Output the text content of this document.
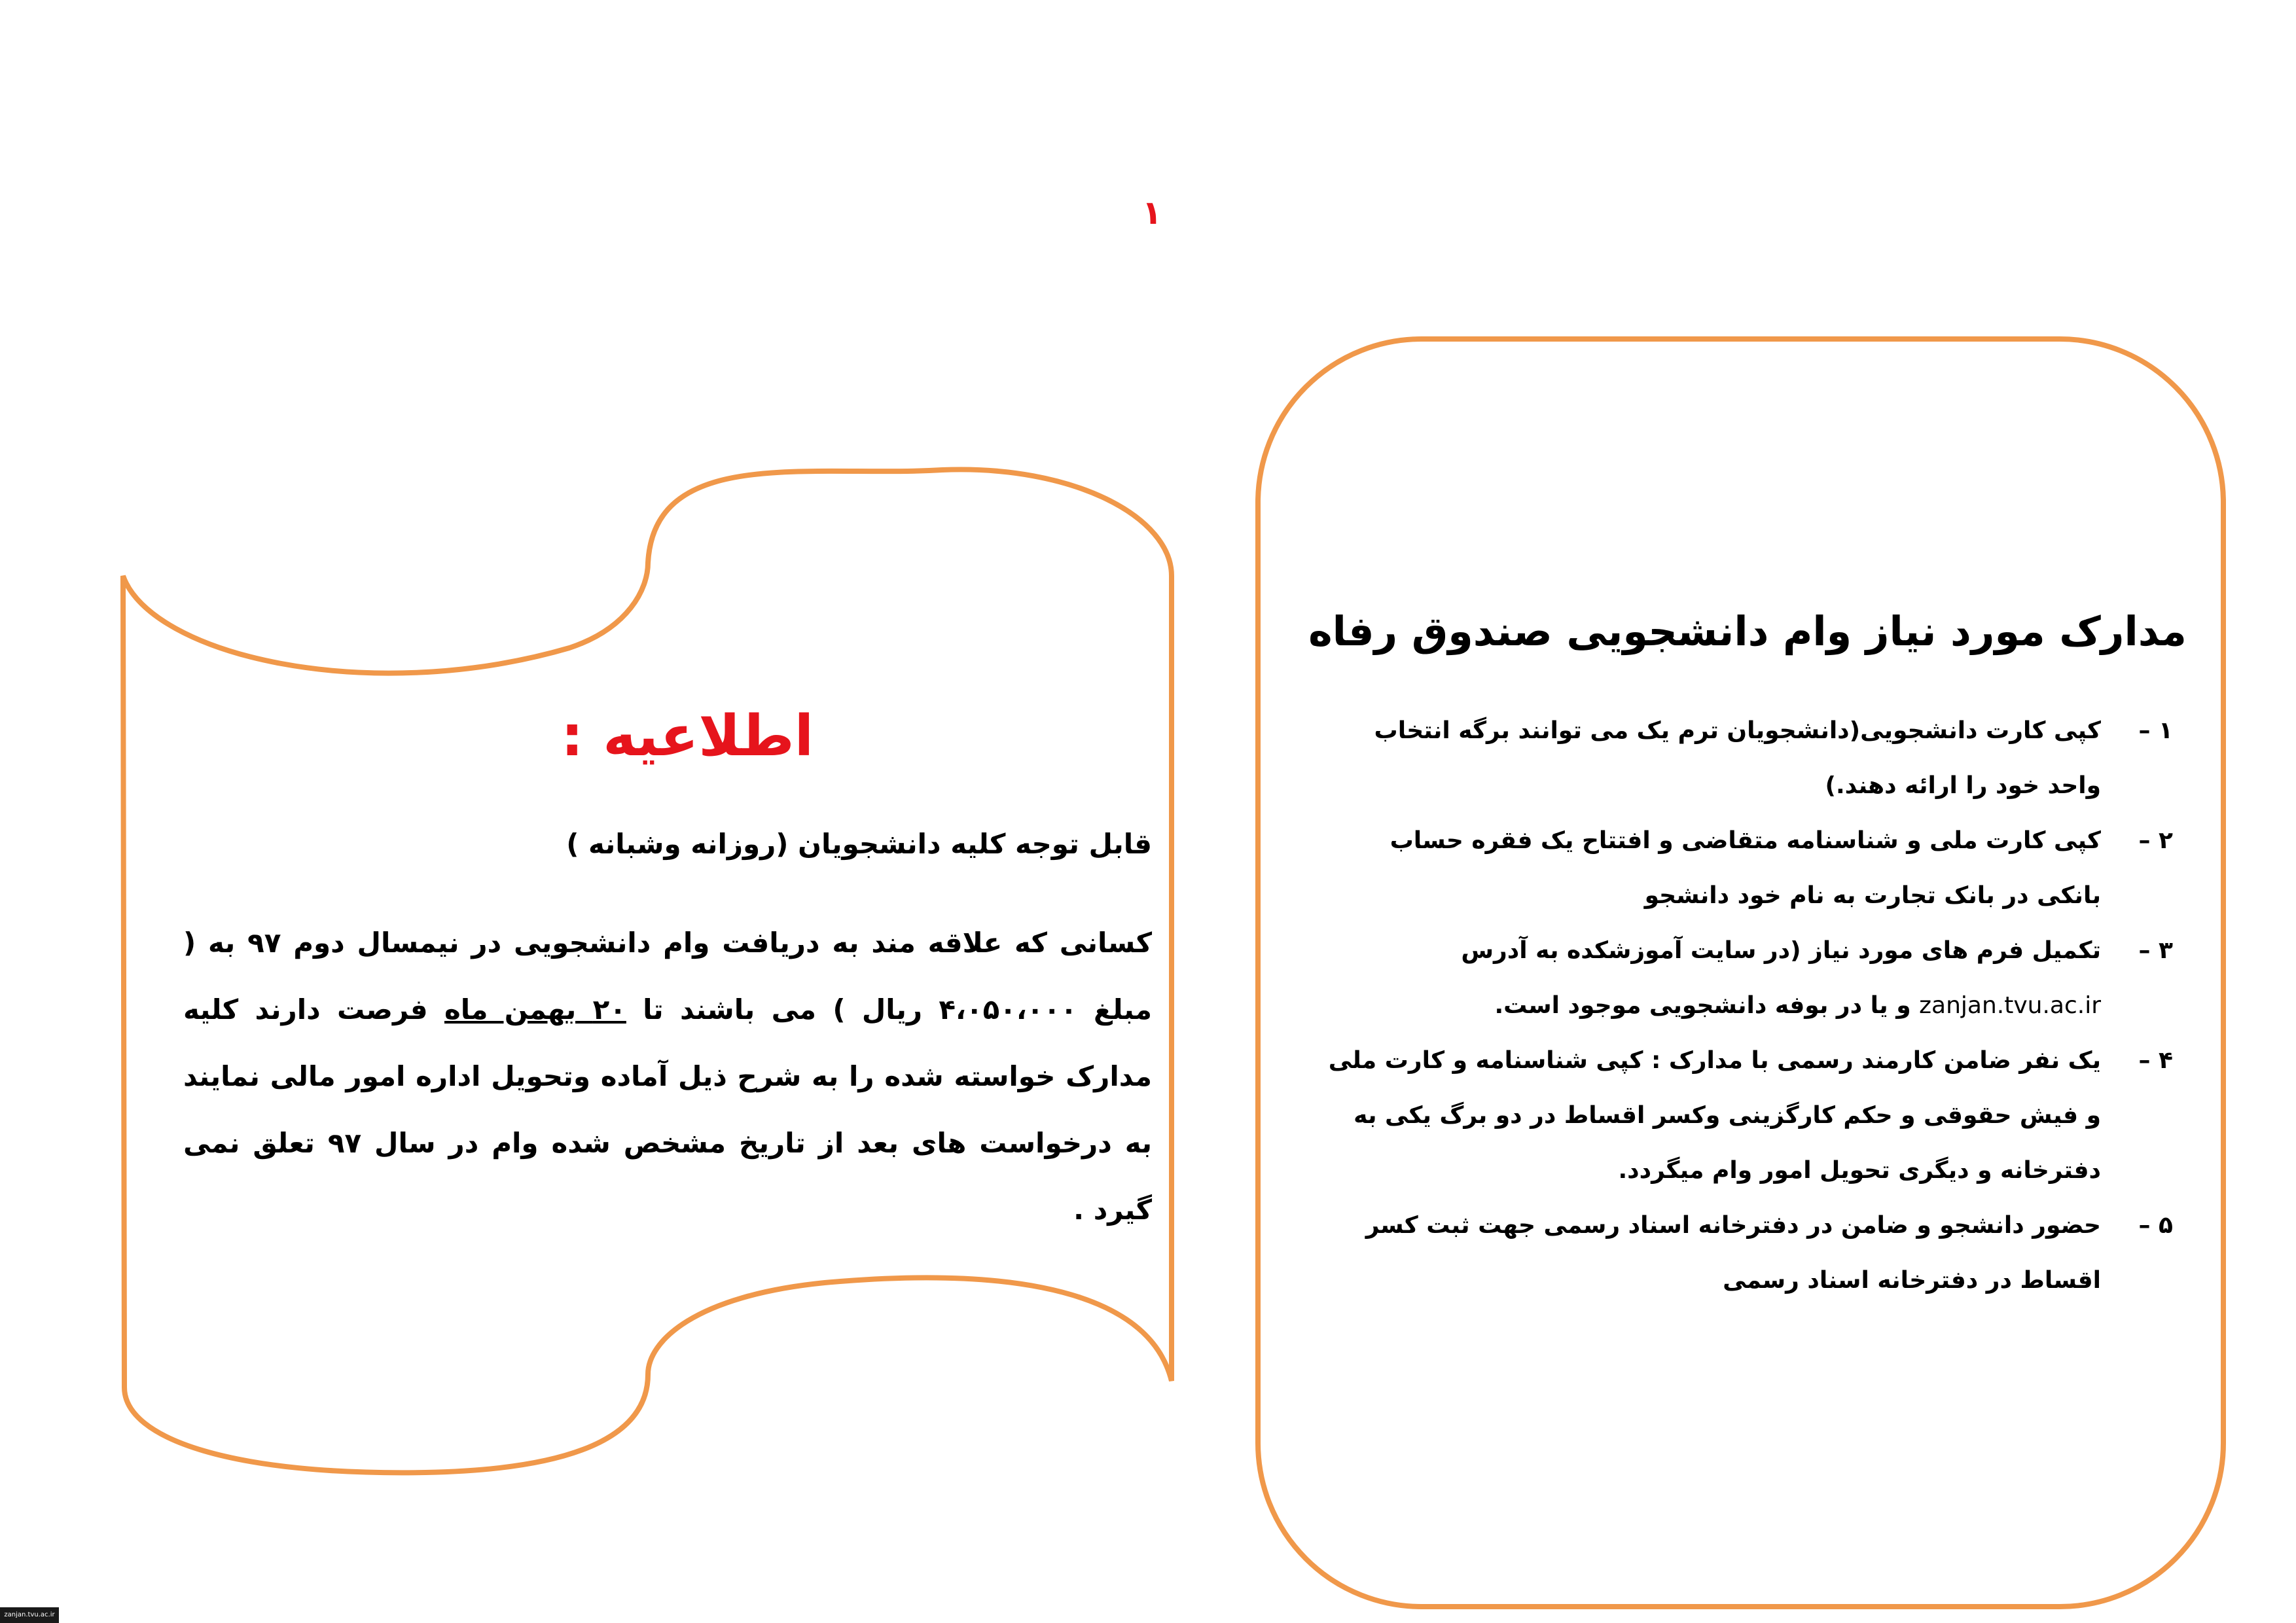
۱
اطلاعیه :

قابل توجه کلیه دانشجویان (روزانه وشبانه )

کسانی که علاقه مند به دریافت وام دانشجویی در نیمسال دوم ۹۷ به ( مبلغ ۴،۰۵۰،۰۰۰ ریال ) می باشند تا ۲۰ بهمن ماه فرصت دارند کلیه مدارک خواسته شده را به شرح ذیل آماده وتحویل اداره امور مالی نمایند به درخواست های بعد از تاریخ مشخص شده وام در سال ۹۷ تعلق نمی گیرد .

مدارک مورد نیاز وام دانشجویی صندوق رفاه
۱ –
کپی کارت دانشجویی(دانشجویان ترم یک می توانند برگه انتخاب واحد خود را ارائه دهند.)
۲ –
کپی کارت ملی و شناسنامه متقاضی و افتتاح یک فقره حساب بانکی در بانک تجارت به نام خود دانشجو
۳ –
تکمیل فرم های مورد نیاز (در سایت آموزشکده به آدرس zanjan.tvu.ac.ir و یا در بوفه دانشجویی موجود است.
۴ –
یک نفر ضامن کارمند رسمی با مدارک : کپی شناسنامه و کارت ملی و فیش حقوقی و حکم کارگزینی وکسر اقساط در دو برگ یکی به دفترخانه و دیگری تحویل امور وام میگردد.
۵ –
حضور دانشجو و ضامن در دفترخانه اسناد رسمی جهت ثبت کسر اقساط در دفترخانه اسناد رسمی
zanjan.tvu.ac.ir
